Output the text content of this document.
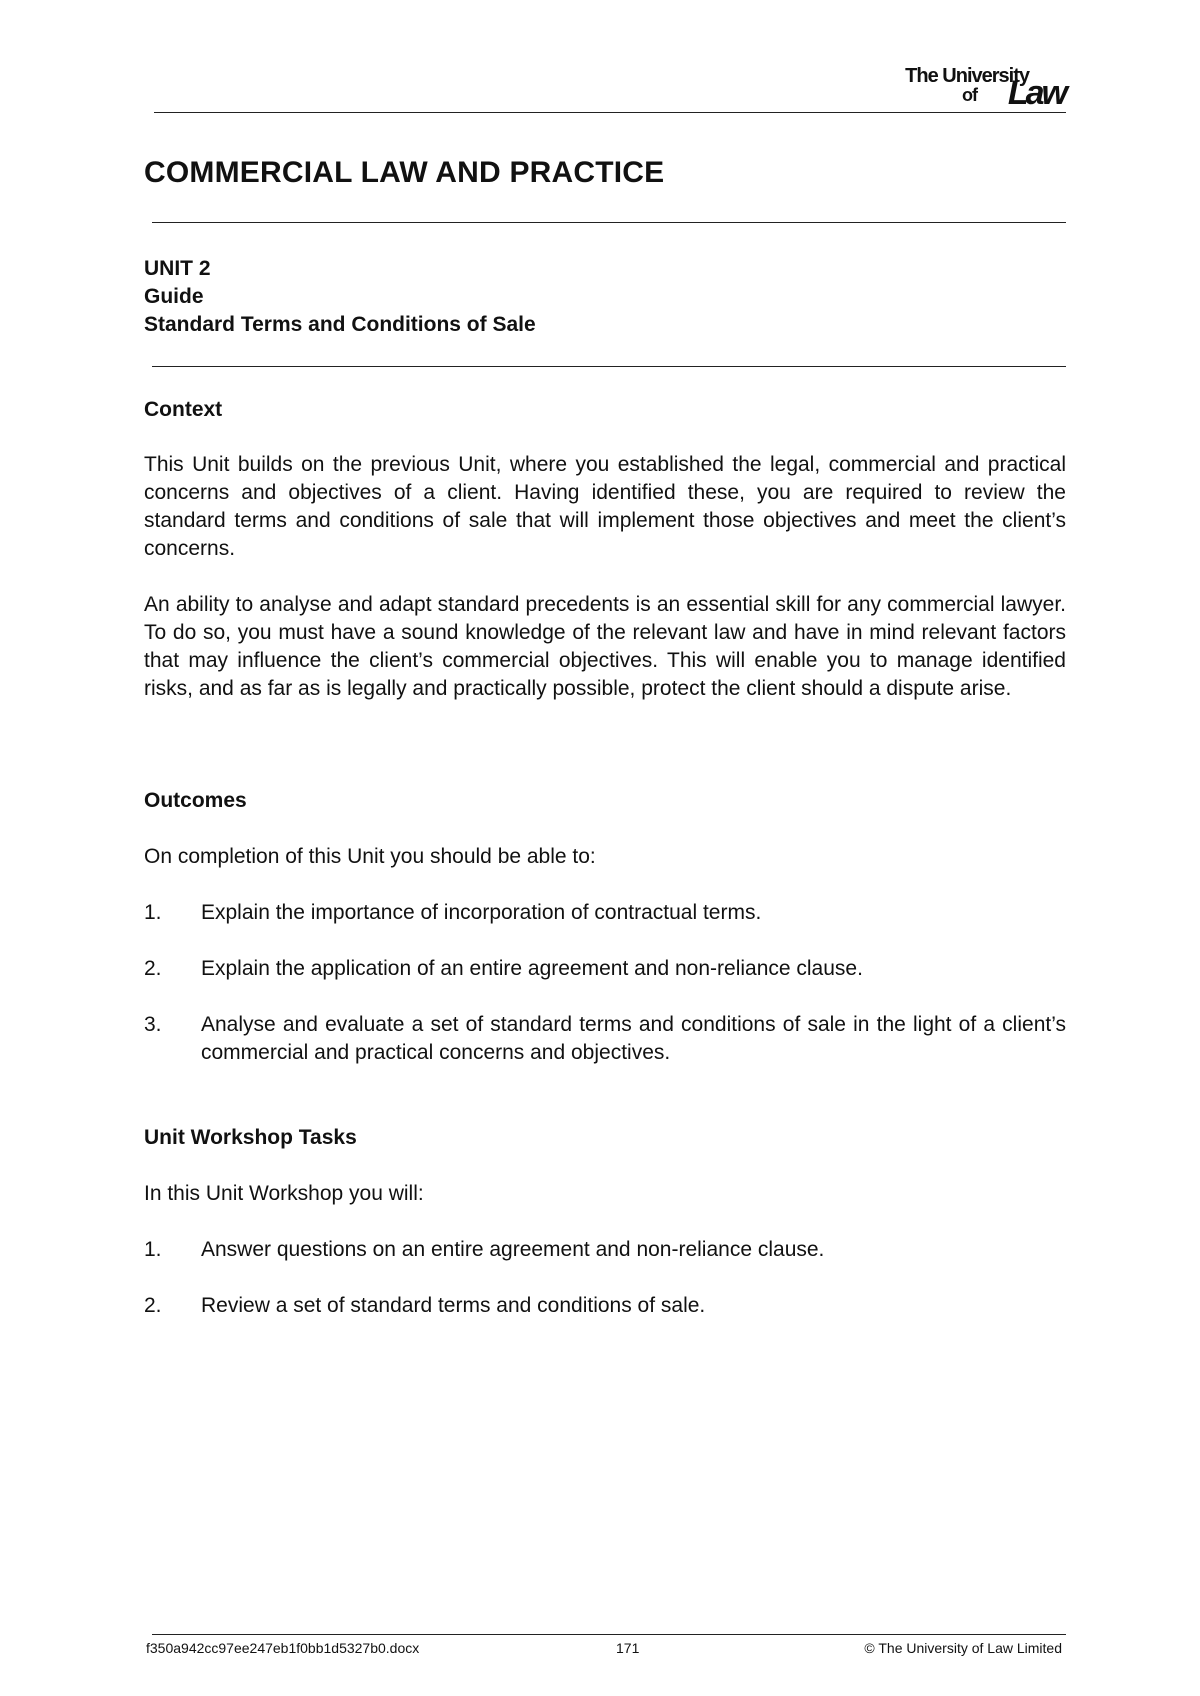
The University
of Law
COMMERCIAL LAW AND PRACTICE
UNIT 2
Guide
Standard Terms and Conditions of Sale
Context
This Unit builds on the previous Unit, where you established the legal, commercial and practical concerns and objectives of a client. Having identified these, you are required to review the standard terms and conditions of sale that will implement those objectives and meet the client’s concerns.
An ability to analyse and adapt standard precedents is an essential skill for any commercial lawyer. To do so, you must have a sound knowledge of the relevant law and have in mind relevant factors that may influence the client’s commercial objectives. This will enable you to manage identified risks, and as far as is legally and practically possible, protect the client should a dispute arise.
Outcomes
On completion of this Unit you should be able to:
1. Explain the importance of incorporation of contractual terms.
2. Explain the application of an entire agreement and non-reliance clause.
3. Analyse and evaluate a set of standard terms and conditions of sale in the light of a client’s commercial and practical concerns and objectives.
Unit Workshop Tasks
In this Unit Workshop you will:
1. Answer questions on an entire agreement and non-reliance clause.
2. Review a set of standard terms and conditions of sale.
f350a942cc97ee247eb1f0bb1d5327b0.docx	171	© The University of Law Limited
